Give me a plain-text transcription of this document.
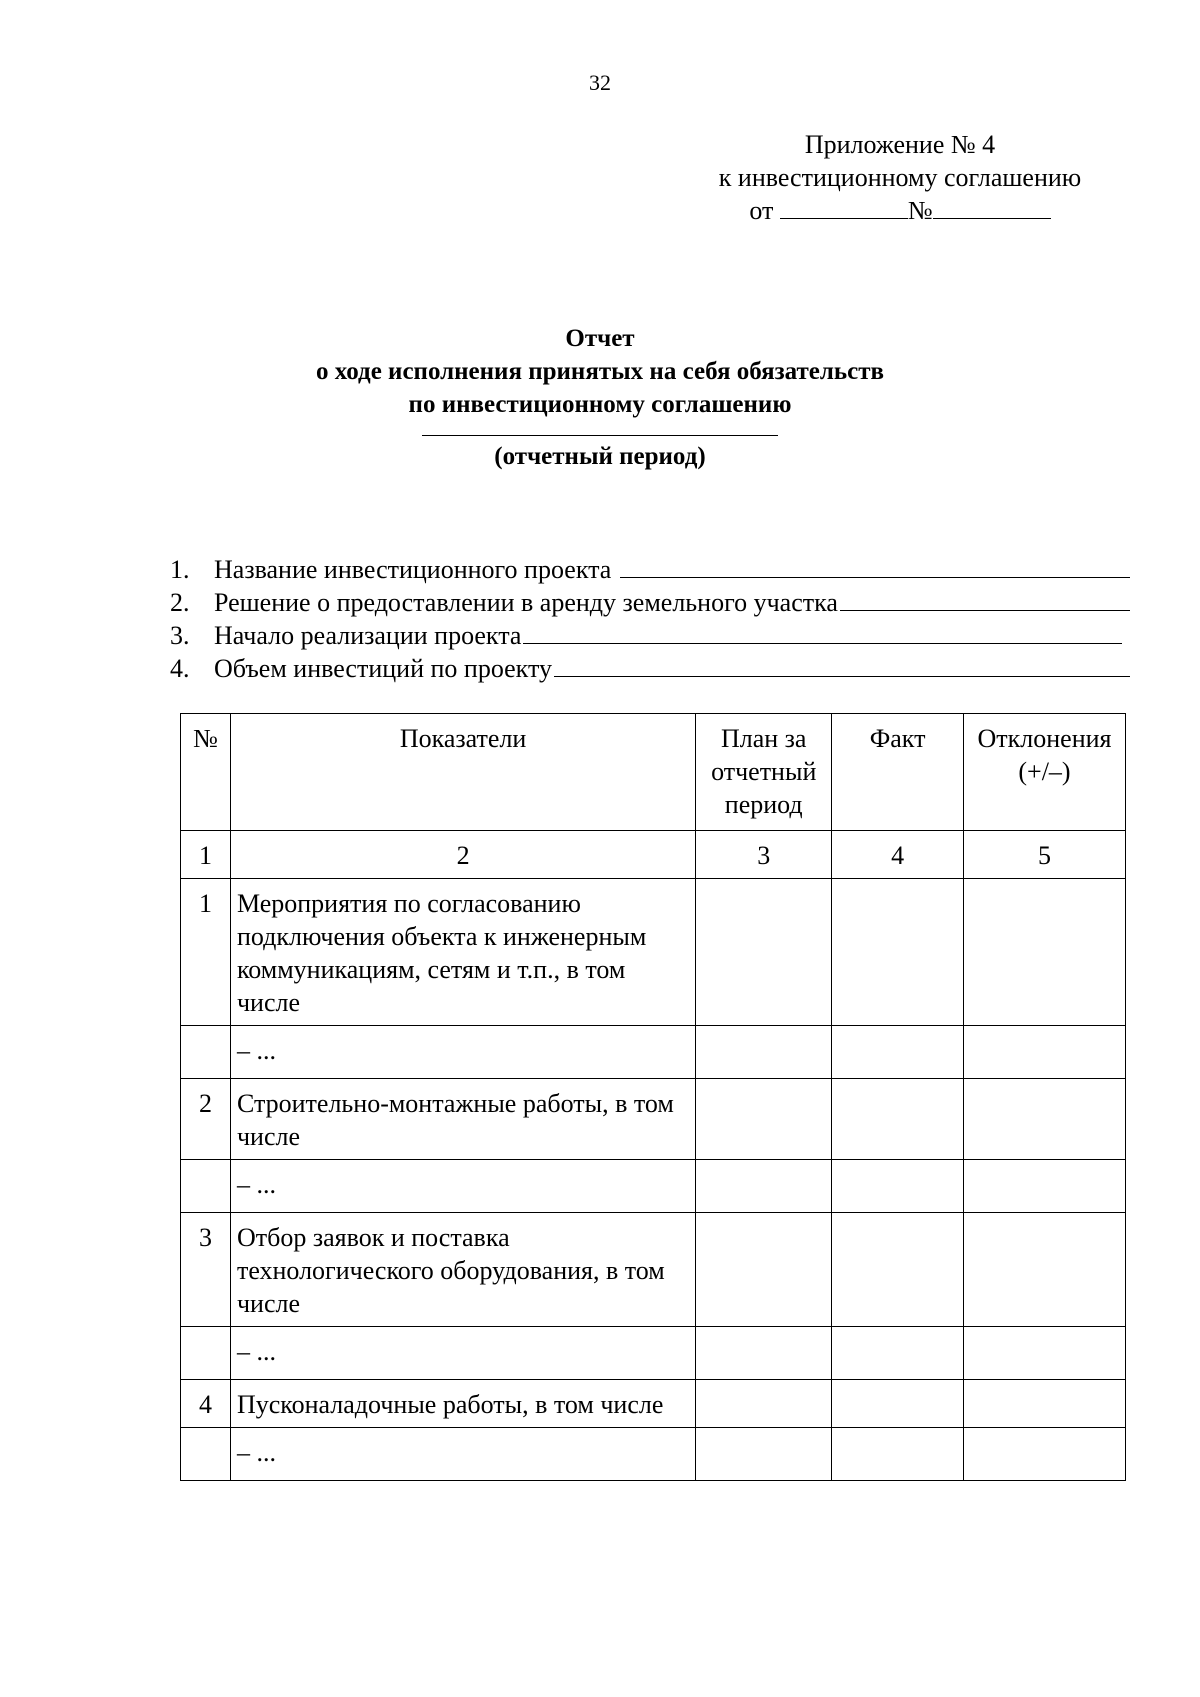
32
Приложение № 4
к инвестиционному соглашению
от	№
Отчет
о ходе исполнения принятых на себя обязательств
по инвестиционному соглашению
(отчетный период)
1. Название инвестиционного проекта
2. Решение о предоставлении в аренду земельного участка
3. Начало реализации проекта
4. Объем инвестиций по проекту
№	Показатели	План за отчетный период	Факт	Отклонения (+/–)
1	2	3	4	5
1	Мероприятия по согласованию подключения объекта к инженерным коммуникациям, сетям и т.п., в том числе			
	– ...			
2	Строительно-монтажные работы, в том числе			
	– ...			
3	Отбор заявок и поставка технологического оборудования, в том числе			
	– ...			
4	Пусконаладочные работы, в том числе			
	– ...			
